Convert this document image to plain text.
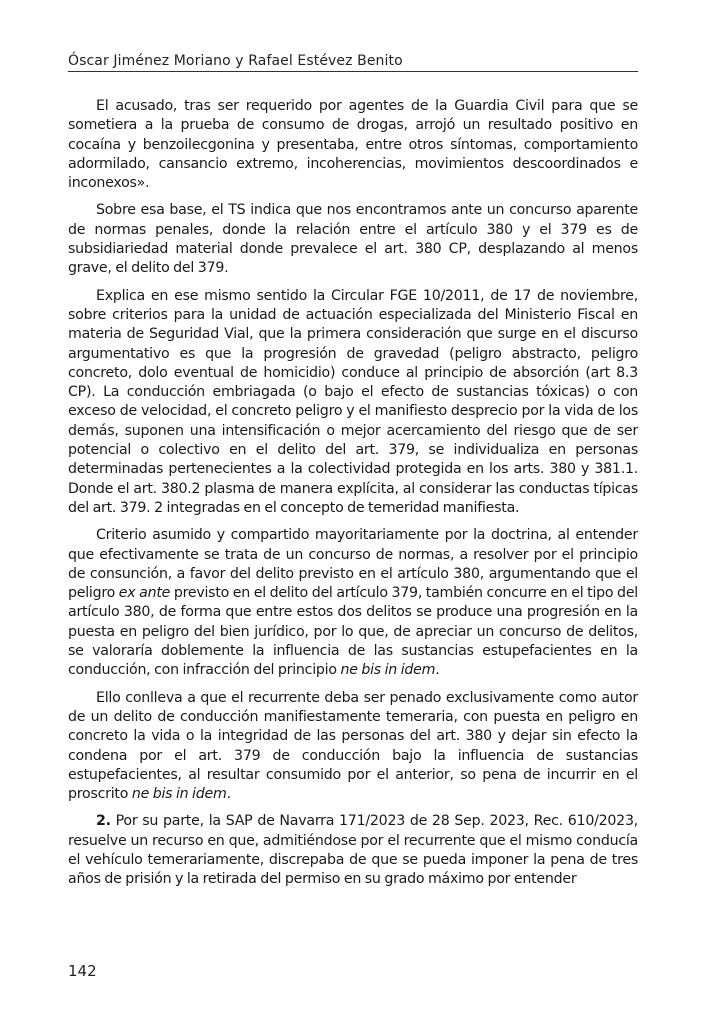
Óscar Jiménez Moriano y Rafael Estévez Benito

El acusado, tras ser requerido por agentes de la Guardia Civil para que se sometiera a la prueba de consumo de drogas, arrojó un resultado positivo en cocaína y benzoilecgonina y presentaba, entre otros síntomas, comportamiento adormilado, cansancio extremo, incoherencias, movimientos descoordinados e inconexos».

Sobre esa base, el TS indica que nos encontramos ante un concurso aparente de normas penales, donde la relación entre el artículo 380 y el 379 es de subsidiariedad material donde prevalece el art. 380 CP, desplazando al menos grave, el delito del 379.

Explica en ese mismo sentido la Circular FGE 10/2011, de 17 de noviembre, sobre criterios para la unidad de actuación especializada del Ministerio Fiscal en materia de Seguridad Vial, que la primera consideración que surge en el discurso argumentativo es que la progresión de gravedad (peligro abstracto, peligro concreto, dolo eventual de homicidio) conduce al principio de absorción (art 8.3 CP). La conducción embriagada (o bajo el efecto de sustancias tóxicas) o con exceso de velocidad, el concreto peligro y el manifiesto desprecio por la vida de los demás, suponen una intensificación o mejor acercamiento del riesgo que de ser potencial o colectivo en el delito del art. 379, se individualiza en personas determinadas pertenecientes a la colectividad protegida en los arts. 380 y 381.1. Donde el art. 380.2 plasma de manera explícita, al considerar las conductas típicas del art. 379. 2 integradas en el concepto de temeridad manifiesta.

Criterio asumido y compartido mayoritariamente por la doctrina, al entender que efectivamente se trata de un concurso de normas, a resolver por el principio de consunción, a favor del delito previsto en el artículo 380, argumentando que el peligro ex ante previsto en el delito del artículo 379, también concurre en el tipo del artículo 380, de forma que entre estos dos delitos se produce una progresión en la puesta en peligro del bien jurídico, por lo que, de apreciar un concurso de delitos, se valoraría doblemente la influencia de las sustancias estupefacientes en la conducción, con infracción del principio ne bis in idem.

Ello conlleva a que el recurrente deba ser penado exclusivamente como autor de un delito de conducción manifiestamente temeraria, con puesta en peligro en concreto la vida o la integridad de las personas del art. 380 y dejar sin efecto la condena por el art. 379 de conducción bajo la influencia de sustancias estupefacientes, al resultar consumido por el anterior, so pena de incurrir en el proscrito ne bis in idem.

2. Por su parte, la SAP de Navarra 171/2023 de 28 Sep. 2023, Rec. 610/2023, resuelve un recurso en que, admitiéndose por el recurrente que el mismo conducía el vehículo temerariamente, discrepaba de que se pueda imponer la pena de tres años de prisión y la retirada del permiso en su grado máximo por entender

142
